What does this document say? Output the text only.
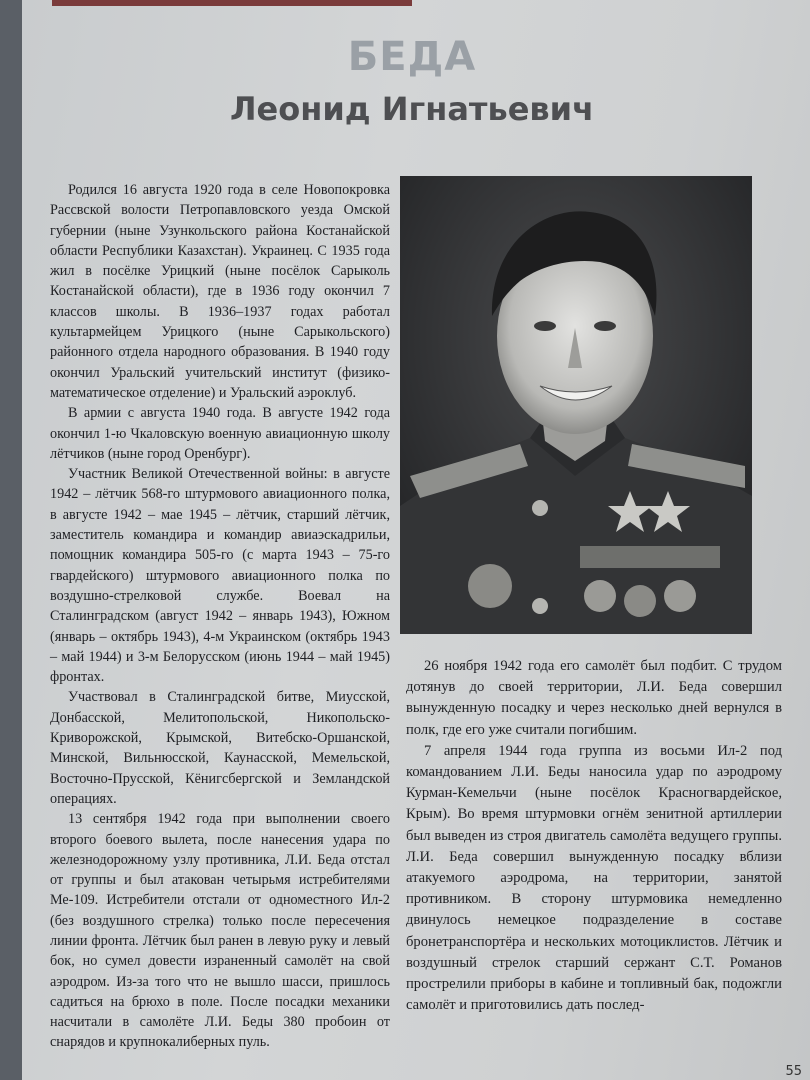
БЕДА
Леонид Игнатьевич

Родился 16 августа 1920 года в селе Новопокровка Рассвской волости Петропавловского уезда Омской губернии (ныне Узункольского района Костанайской области Республики Казахстан). Украинец. С 1935 года жил в посёлке Урицкий (ныне посёлок Сарыколь Костанайской области), где в 1936 году окончил 7 классов школы. В 1936–1937 годах работал культармейцем Урицкого (ныне Сарыкольского) районного отдела народного образования. В 1940 году окончил Уральский учительский институт (физико-математическое отделение) и Уральский аэроклуб.

В армии с августа 1940 года. В августе 1942 года окончил 1-ю Чкаловскую военную авиационную школу лётчиков (ныне город Оренбург).

Участник Великой Отечественной войны: в августе 1942 – лётчик 568-го штурмового авиационного полка, в августе 1942 – мае 1945 – лётчик, старший лётчик, заместитель командира и командир авиаэскадрильи, помощник командира 505-го (с марта 1943 – 75-го гвардейского) штурмового авиационного полка по воздушно-стрелковой службе. Воевал на Сталинградском (август 1942 – январь 1943), Южном (январь – октябрь 1943), 4-м Украинском (октябрь 1943 – май 1944) и 3-м Белорусском (июнь 1944 – май 1945) фронтах.

Участвовал в Сталинградской битве, Миусской, Донбасской, Мелитопольской, Никопольско-Криворожской, Крымской, Витебско-Оршанской, Минской, Вильнюсской, Каунасской, Мемельской, Восточно-Прусской, Кёнигсбергской и Земландской операциях.

13 сентября 1942 года при выполнении своего второго боевого вылета, после нанесения удара по железнодорожному узлу противника, Л.И. Беда отстал от группы и был атакован четырьмя истребителями Ме-109. Истребители отстали от одноместного Ил-2 (без воздушного стрелка) только после пересечения линии фронта. Лётчик был ранен в левую руку и левый бок, но сумел довести израненный самолёт на свой аэродром. Из-за того что не вышло шасси, пришлось садиться на брюхо в поле. После посадки механики насчитали в самолёте Л.И. Беды 380 пробоин от снарядов и крупнокалиберных пуль.

26 ноября 1942 года его самолёт был подбит. С трудом дотянув до своей территории, Л.И. Беда совершил вынужденную посадку и через несколько дней вернулся в полк, где его уже считали погибшим.

7 апреля 1944 года группа из восьми Ил-2 под командованием Л.И. Беды наносила удар по аэродрому Курман-Кемельчи (ныне посёлок Красногвардейское, Крым). Во время штурмовки огнём зенитной артиллерии был выведен из строя двигатель самолёта ведущего группы. Л.И. Беда совершил вынужденную посадку вблизи атакуемого аэродрома, на территории, занятой противником. В сторону штурмовика немедленно двинулось немецкое подразделение в составе бронетранспортёра и нескольких мотоциклистов. Лётчик и воздушный стрелок старший сержант С.Т. Романов прострелили приборы в кабине и топливный бак, подожгли самолёт и приготовились дать послед-

55
